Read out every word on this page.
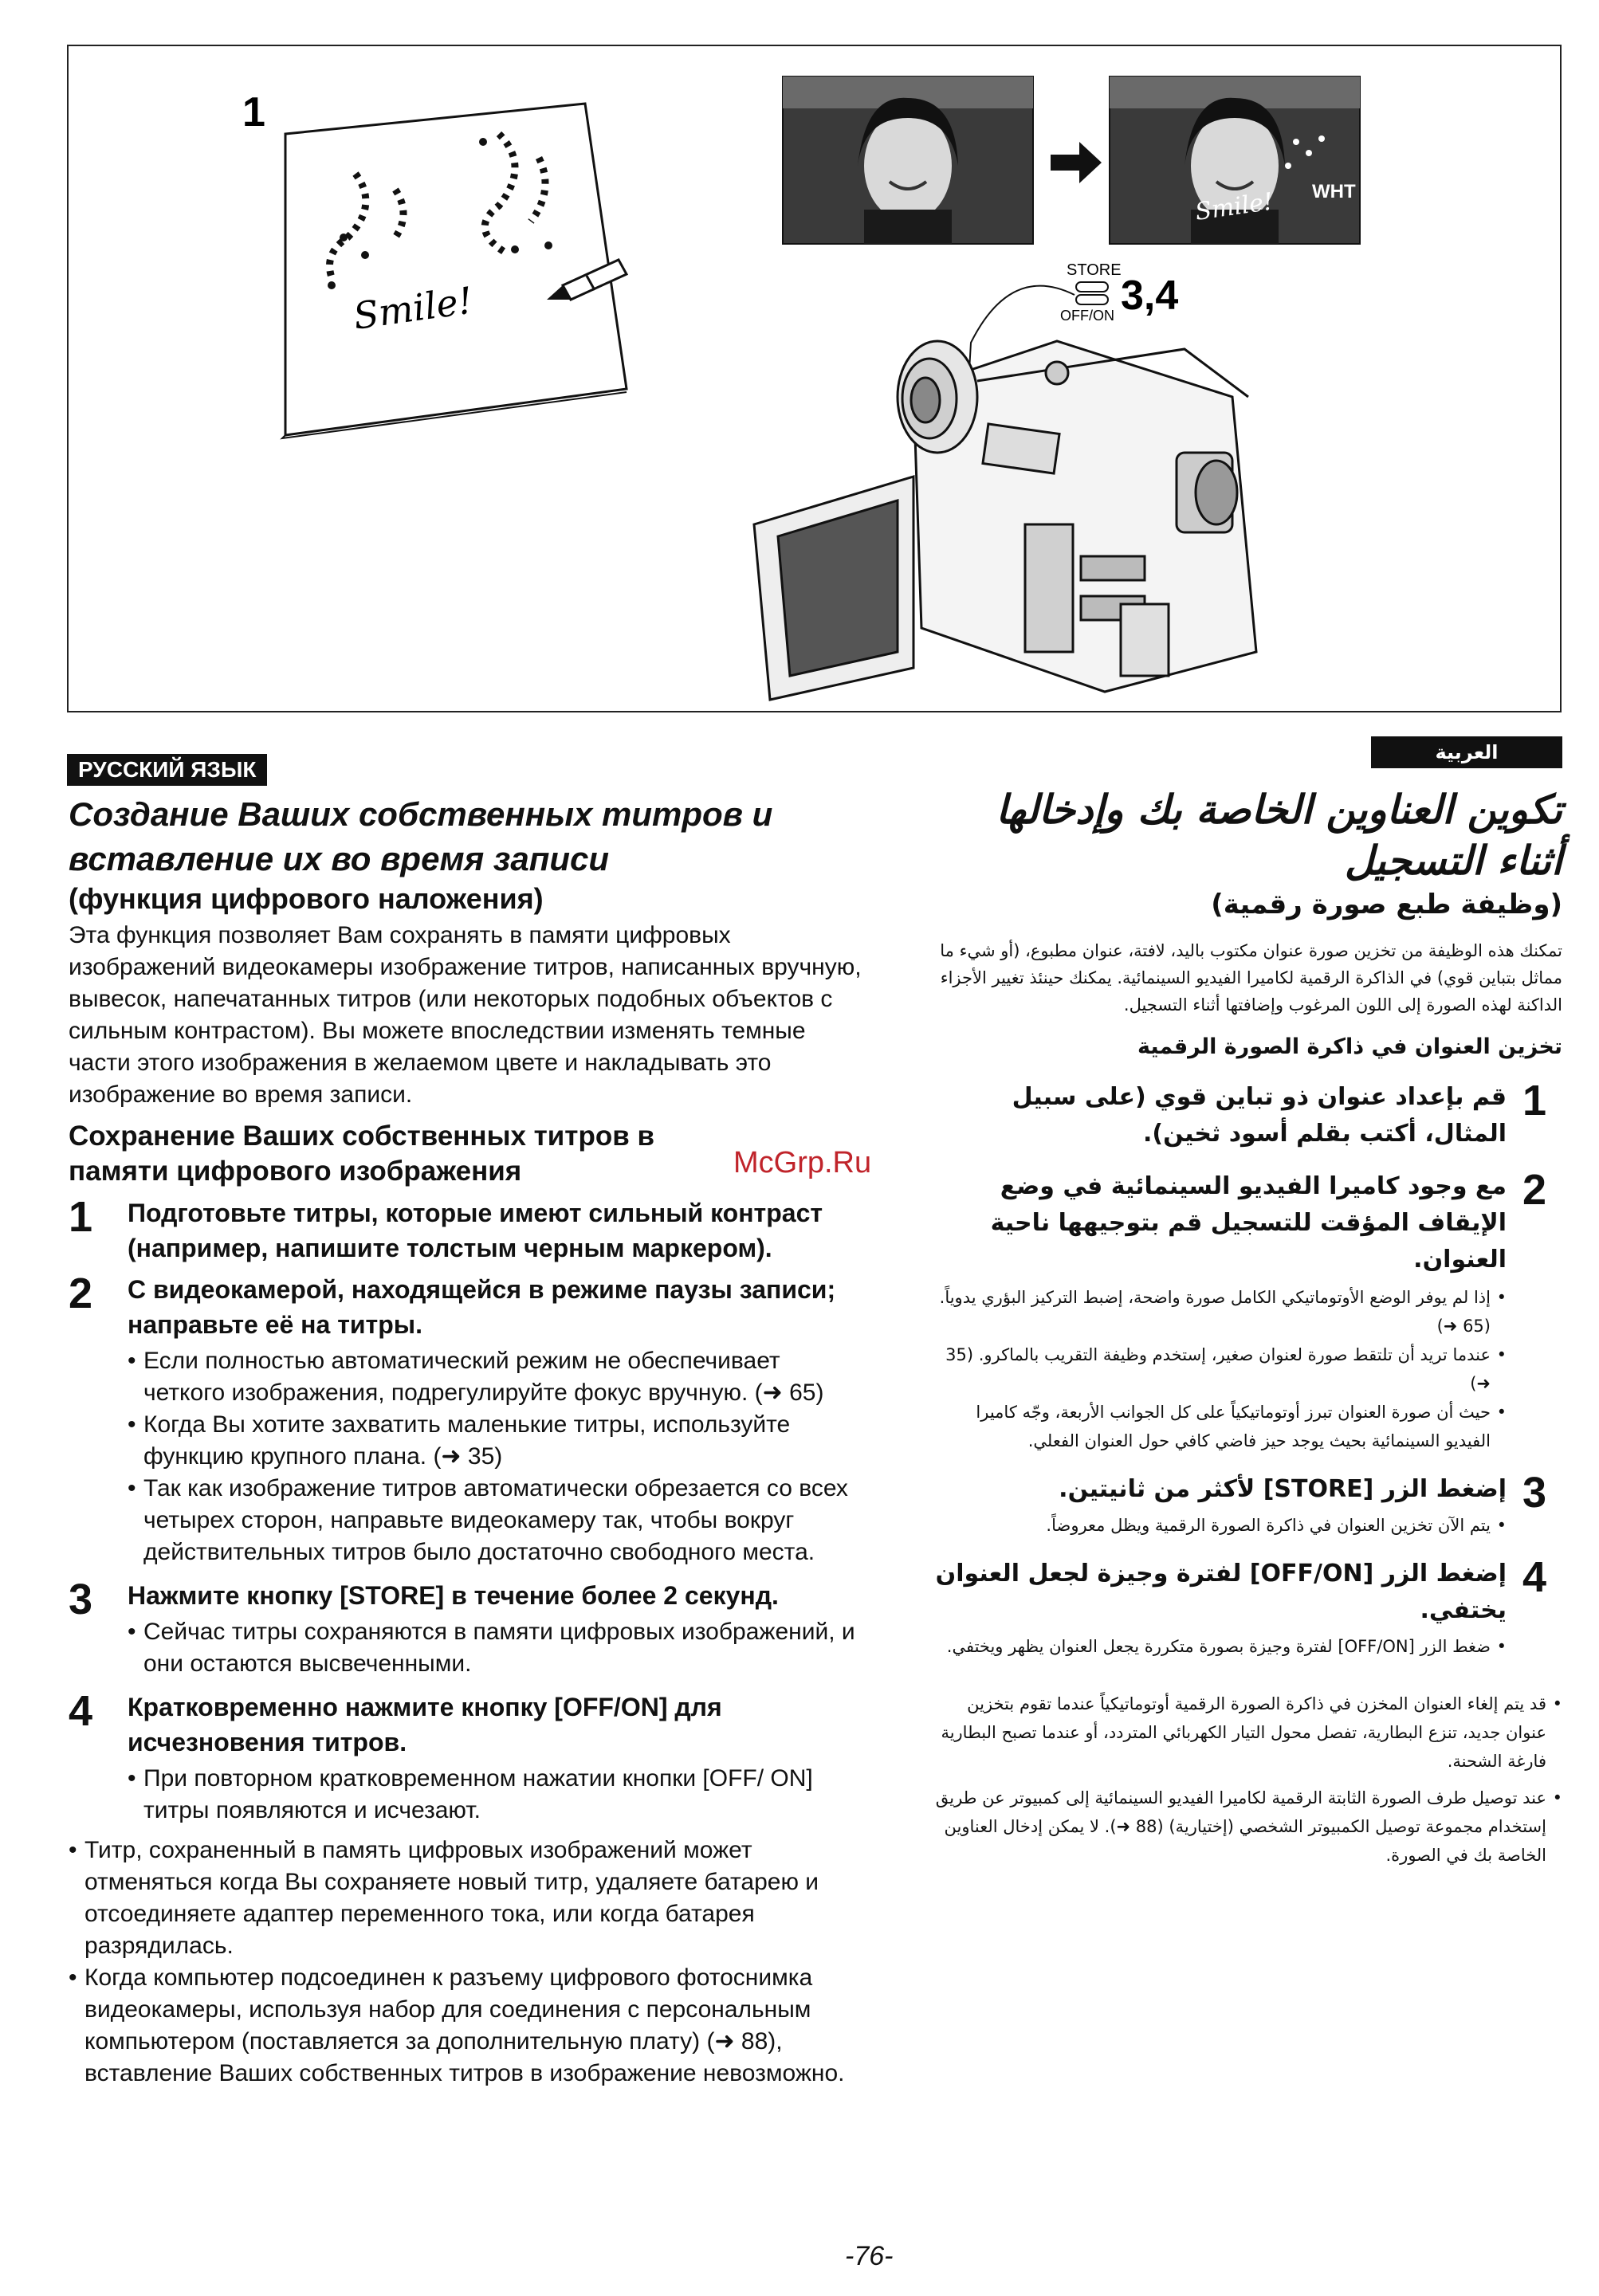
1
Smile!
Smile! WHT
STORE
OFF/ON 3,4
РУССКИЙ ЯЗЫК
العربية
McGrp.Ru
Создание Ваших собственных титров и вставление их во время записи
(функция цифрового наложения)
Эта функция позволяет Вам сохранять в памяти цифровых изображений видеокамеры изображение титров, написанных вручную, вывесок, напечатанных титров (или некоторых подобных объектов с сильным контрастом). Вы можете впоследствии изменять темные части этого изображения в желаемом цвете и накладывать это изображение во время записи.
Сохранение Ваших собственных титров в памяти цифрового изображения
1	Подготовьте титры, которые имеют сильный контраст (например, напишите толстым черным маркером).
2	С видеокамерой, находящейся в режиме паузы записи; направьте её на титры.
• Если полностью автоматический режим не обеспечивает четкого изображения, подрегулируйте фокус вручную. (➜ 65)
• Когда Вы хотите захватить маленькие титры, используйте функцию крупного плана. (➜ 35)
• Так как изображение титров автоматически обрезается со всех четырех сторон, направьте видеокамеру так, чтобы вокруг действительных титров было достаточно свободного места.
3	Нажмите кнопку [STORE] в течение более 2 секунд.
• Сейчас титры сохраняются в памяти цифровых изображений, и они остаются высвеченными.
4	Кратковременно нажмите кнопку [OFF/ON] для исчезновения титров.
• При повторном кратковременном нажатии кнопки [OFF/ ON] титры появляются и исчезают.
• Титр, сохраненный в память цифровых изображений может отменяться когда Вы сохраняете новый титр, удаляете батарею и отсоединяете адаптер переменного тока, или когда батарея разрядилась.
• Когда компьютер подсоединен к разъему цифрового фотоснимка видеокамеры, используя набор для соединения с персональным компьютером (поставляется за дополнительную плату) (➜ 88), вставление Ваших собственных титров в изображение невозможно.
تكوين العناوين الخاصة بك وإدخالها أثناء التسجيل
(وظيفة طبع صورة رقمية)
تمكنك هذه الوظيفة من تخزين صورة عنوان مكتوب باليد، لافتة، عنوان مطبوع، (أو شيء ما مماثل بتباين قوي) في الذاكرة الرقمية لكاميرا الفيديو السينمائية. يمكنك حينئذ تغيير الأجزاء الداكنة لهذه الصورة إلى اللون المرغوب وإضافتها أثناء التسجيل.
تخزين العنوان في ذاكرة الصورة الرقمية
1
قم بإعداد عنوان ذو تباين قوي (على سبيل المثال، أكتب بقلم أسود ثخين).
2
مع وجود كاميرا الفيديو السينمائية في وضع الإيقاف المؤقت للتسجيل قم بتوجيهها ناحية العنوان.
• إذا لم يوفر الوضع الأوتوماتيكي الكامل صورة واضحة، إضبط التركيز البؤري يدوياً. (65 ➜)
• عندما تريد أن تلتقط صورة لعنوان صغير، إستخدم وظيفة التقريب بالماكرو. (35 ➜)
• حيث أن صورة العنوان تبرز أوتوماتيكياً على كل الجوانب الأربعة، وجّه كاميرا الفيديو السينمائية بحيث يوجد حيز فاضي كافي حول العنوان الفعلي.
3
إضغط الزر [STORE] لأكثر من ثانيتين.
• يتم الآن تخزين العنوان في ذاكرة الصورة الرقمية ويظل معروضاً.
4
إضغط الزر [OFF/ON] لفترة وجيزة لجعل العنوان يختفي.
• ضغط الزر [OFF/ON] لفترة وجيزة بصورة متكررة يجعل العنوان يظهر ويختفي.
• قد يتم إلغاء العنوان المخزن في ذاكرة الصورة الرقمية أوتوماتيكياً عندما تقوم بتخزين عنوان جديد، تنزع البطارية، تفصل محول التيار الكهربائي المتردد، أو عندما تصبح البطارية فارغة الشحنة.
• عند توصيل طرف الصورة الثابتة الرقمية لكاميرا الفيديو السينمائية إلى كمبيوتر عن طريق إستخدام مجموعة توصيل الكمبيوتر الشخصي (إختيارية) (88 ➜). لا يمكن إدخال العناوين الخاصة بك في الصورة.
-76-
